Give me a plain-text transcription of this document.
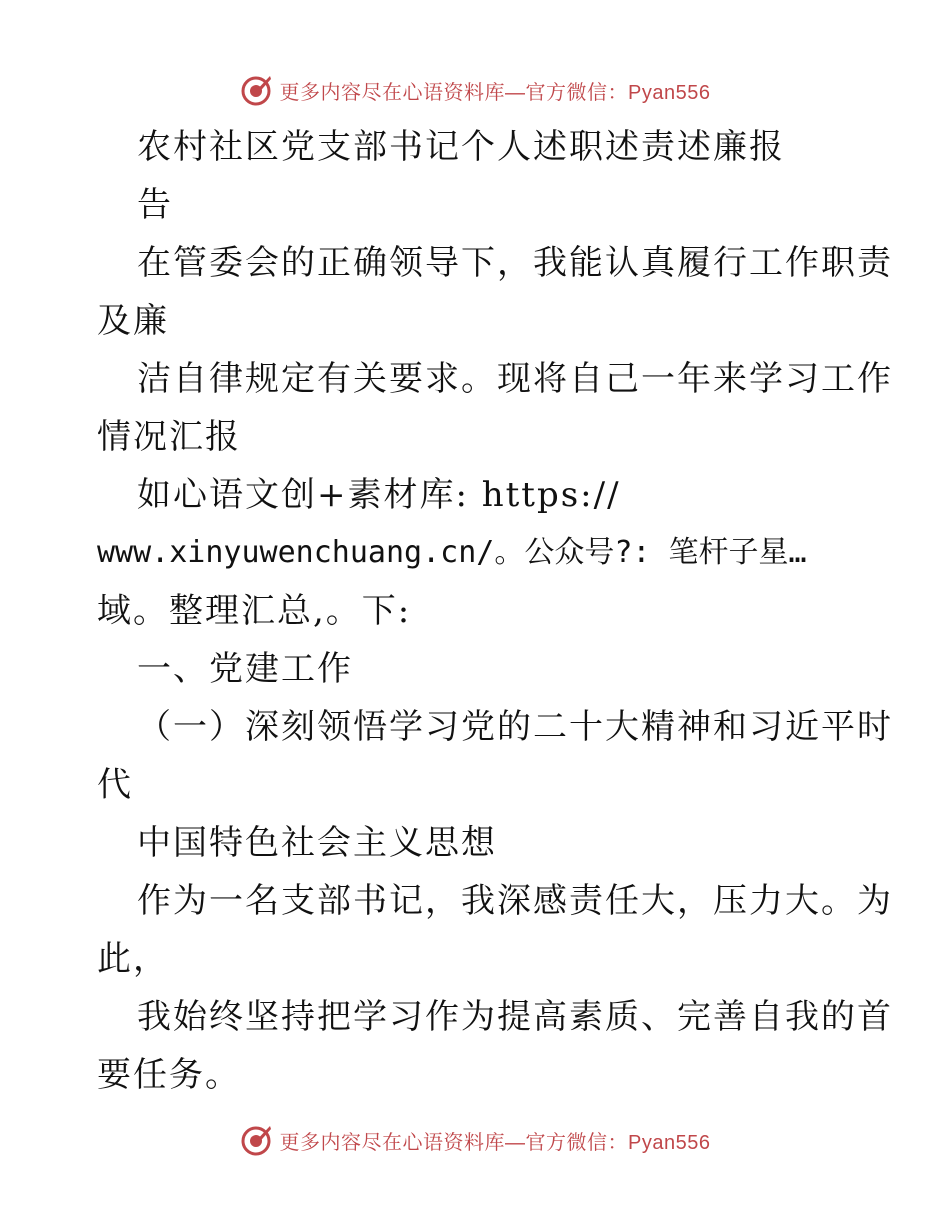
更多内容尽在心语资料库—官方微信：Pyan556
农村社区党支部书记个人述职述责述廉报
告
在管委会的正确领导下，我能认真履行工作职责
及廉
洁自律规定有关要求。现将自己一年来学习工作
情况汇报
如心语文创+素材库: https://
www.xinyuwenchuang.cn/。公众号?: 笔杆子星…
域。整理汇总,。下:
一、党建工作
（一）深刻领悟学习党的二十大精神和习近平时
代
中国特色社会主义思想
作为一名支部书记，我深感责任大，压力大。为
此，
我始终坚持把学习作为提高素质、完善自我的首
要任务。
更多内容尽在心语资料库—官方微信：Pyan556
